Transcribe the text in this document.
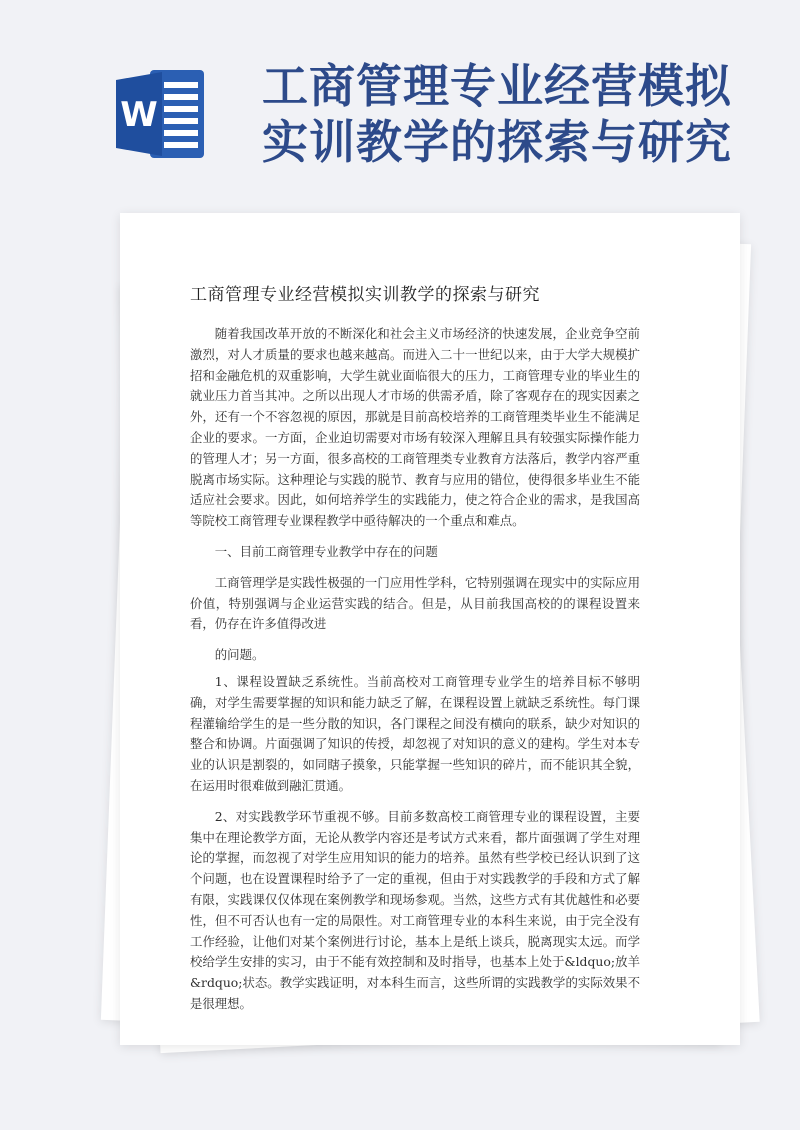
W
工商管理专业经营模拟
实训教学的探索与研究
工商管理专业经营模拟实训教学的探索与研究

随着我国改革开放的不断深化和社会主义市场经济的快速发展，企业竞争空前激烈，对人才质量的要求也越来越高。而进入二十一世纪以来，由于大学大规模扩招和金融危机的双重影响，大学生就业面临很大的压力，工商管理专业的毕业生的就业压力首当其冲。之所以出现人才市场的供需矛盾，除了客观存在的现实因素之外，还有一个不容忽视的原因，那就是目前高校培养的工商管理类毕业生不能满足企业的要求。一方面，企业迫切需要对市场有较深入理解且具有较强实际操作能力的管理人才；另一方面，很多高校的工商管理类专业教育方法落后，教学内容严重脱离市场实际。这种理论与实践的脱节、教育与应用的错位，使得很多毕业生不能适应社会要求。因此，如何培养学生的实践能力，使之符合企业的需求，是我国高等院校工商管理专业课程教学中亟待解决的一个重点和难点。

一、目前工商管理专业教学中存在的问题

工商管理学是实践性极强的一门应用性学科，它特别强调在现实中的实际应用价值，特别强调与企业运营实践的结合。但是，从目前我国高校的的课程设置来看，仍存在许多值得改进

的问题。

1、课程设置缺乏系统性。当前高校对工商管理专业学生的培养目标不够明确，对学生需要掌握的知识和能力缺乏了解，在课程设置上就缺乏系统性。每门课程灌输给学生的是一些分散的知识，各门课程之间没有横向的联系，缺少对知识的整合和协调。片面强调了知识的传授，却忽视了对知识的意义的建构。学生对本专业的认识是割裂的，如同瞎子摸象，只能掌握一些知识的碎片，而不能识其全貌，在运用时很难做到融汇贯通。

2、对实践教学环节重视不够。目前多数高校工商管理专业的课程设置，主要集中在理论教学方面，无论从教学内容还是考试方式来看，都片面强调了学生对理论的掌握，而忽视了对学生应用知识的能力的培养。虽然有些学校已经认识到了这个问题，也在设置课程时给予了一定的重视，但由于对实践教学的手段和方式了解有限，实践课仅仅体现在案例教学和现场参观。当然，这些方式有其优越性和必要性，但不可否认也有一定的局限性。对工商管理专业的本科生来说，由于完全没有工作经验，让他们对某个案例进行讨论，基本上是纸上谈兵，脱离现实太远。而学校给学生安排的实习，由于不能有效控制和及时指导，也基本上处于&ldquo;放羊&rdquo;状态。教学实践证明，对本科生而言，这些所谓的实践教学的实际效果不是很理想。
